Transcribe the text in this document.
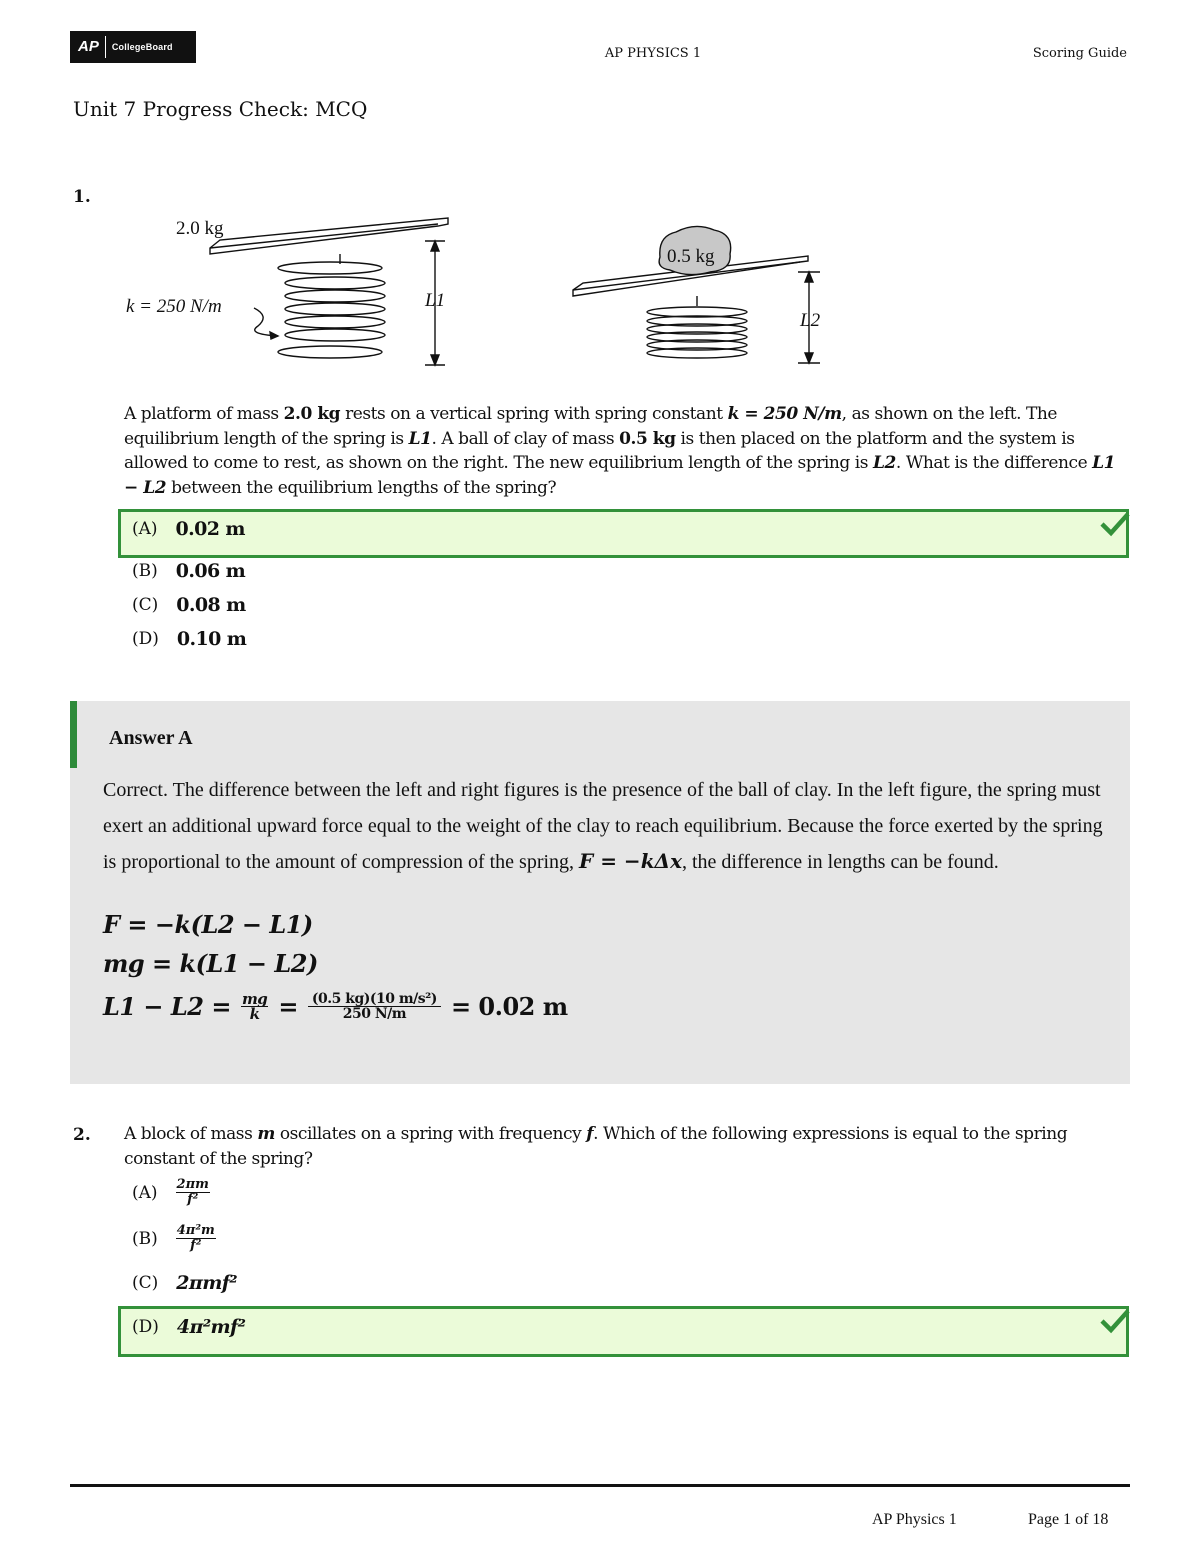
AP	CollegeBoard	AP PHYSICS 1	Scoring Guide
Unit 7 Progress Check: MCQ
1.
2.0 kg
k = 250 N/m	L1
0.5 kg
L2
A platform of mass 2.0 kg rests on a vertical spring with spring constant k = 250 N/m, as shown on the left. The equilibrium length of the spring is L1. A ball of clay of mass 0.5 kg is then placed on the platform and the system is allowed to come to rest, as shown on the right. The new equilibrium length of the spring is L2. What is the difference L1 − L2 between the equilibrium lengths of the spring?
(A) 0.02 m
(B) 0.06 m
(C) 0.08 m
(D) 0.10 m
Answer A
Correct. The difference between the left and right figures is the presence of the ball of clay. In the left figure, the spring must exert an additional upward force equal to the weight of the clay to reach equilibrium. Because the force exerted by the spring is proportional to the amount of compression of the spring, F = −kΔx, the difference in lengths can be found.
F = −k(L2 − L1)
mg = k(L1 − L2)
$L1 - L2 = \frac{mg}{k} = \frac{\text{(0.5 kg)(10 m/s²)}}{250 N/m} = 0.02$ m
2. A block of mass m oscillates on a spring with frequency f. Which of the following expressions is equal to the spring constant of the spring?
$(A) \frac{2\pi m}{\text{f²}}$
$(B) \frac{\text{4π²m}}{\text{f²}}$
(C) 2πmf²
(D) 4π²mf²
AP Physics 1	Page 1 of 18
